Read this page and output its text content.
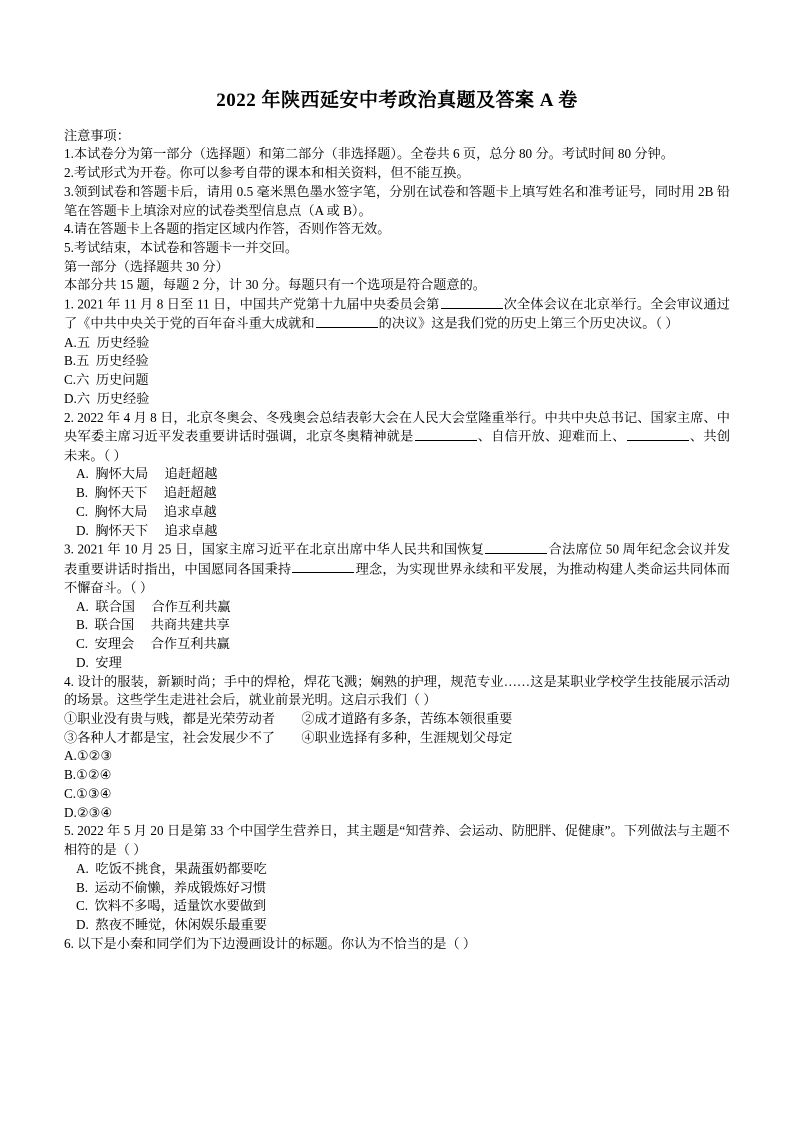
2022 年陕西延安中考政治真题及答案 A 卷

注意事项：

1.本试卷分为第一部分（选择题）和第二部分（非选择题）。全卷共 6 页，总分 80 分。考试时间 80 分钟。

2.考试形式为开卷。你可以参考自带的课本和相关资料，但不能互换。

3.领到试卷和答题卡后，请用 0.5 毫米黑色墨水签字笔，分别在试卷和答题卡上填写姓名和准考证号，同时用 2B 铅笔在答题卡上填涂对应的试卷类型信息点（A 或 B）。

4.请在答题卡上各题的指定区域内作答，否则作答无效。

5.考试结束，本试卷和答题卡一并交回。

第一部分（选择题共 30 分）

本部分共 15 题，每题 2 分，计 30 分。每题只有一个选项是符合题意的。

1. 2021 年 11 月 8 日至 11 日，中国共产党第十九届中央委员会第	次全体会议在北京举行。全会审议通过了《中共中央关于党的百年奋斗重大成就和	的决议》这是我们党的历史上第三个历史决议。（ ）

A.五  历史经验

B.五  历史经验

C.六  历史问题

D.六  历史经验

2. 2022 年 4 月 8 日，北京冬奥会、冬残奥会总结表彰大会在人民大会堂隆重举行。中共中央总书记、国家主席、中央军委主席习近平发表重要讲话时强调，北京冬奥精神就是	、自信开放、迎难而上、	、共创未来。（ ）

A.  胸怀大局     追赶超越

B.  胸怀天下     追赶超越

C.  胸怀大局     追求卓越

D.  胸怀天下     追求卓越

3. 2021 年 10 月 25 日，国家主席习近平在北京出席中华人民共和国恢复	合法席位 50 周年纪念会议并发表重要讲话时指出，中国愿同各国秉持	理念，为实现世界永续和平发展，为推动构建人类命运共同体而不懈奋斗。（ ）

A.  联合国     合作互利共赢

B.  联合国     共商共建共享

C.  安理会     合作互利共赢

D.  安理

4. 设计的服装，新颖时尚；手中的焊枪，焊花飞溅；娴熟的护理，规范专业……这是某职业学校学生技能展示活动的场景。这些学生走进社会后，就业前景光明。这启示我们（ ）

①职业没有贵与贱，都是光荣劳动者　　②成才道路有多条，苦练本领很重要

③各种人才都是宝，社会发展少不了　　④职业选择有多种，生涯规划父母定

A.①②③

B.①②④

C.①③④

D.②③④

5. 2022 年 5 月 20 日是第 33 个中国学生营养日，其主题是“知营养、会运动、防肥胖、促健康”。下列做法与主题不相符的是（ ）

A.  吃饭不挑食，果蔬蛋奶都要吃

B.  运动不偷懒，养成锻炼好习惯

C.  饮料不多喝，适量饮水要做到

D.  熬夜不睡觉，休闲娱乐最重要

6. 以下是小秦和同学们为下边漫画设计的标题。你认为不恰当的是（ ）
